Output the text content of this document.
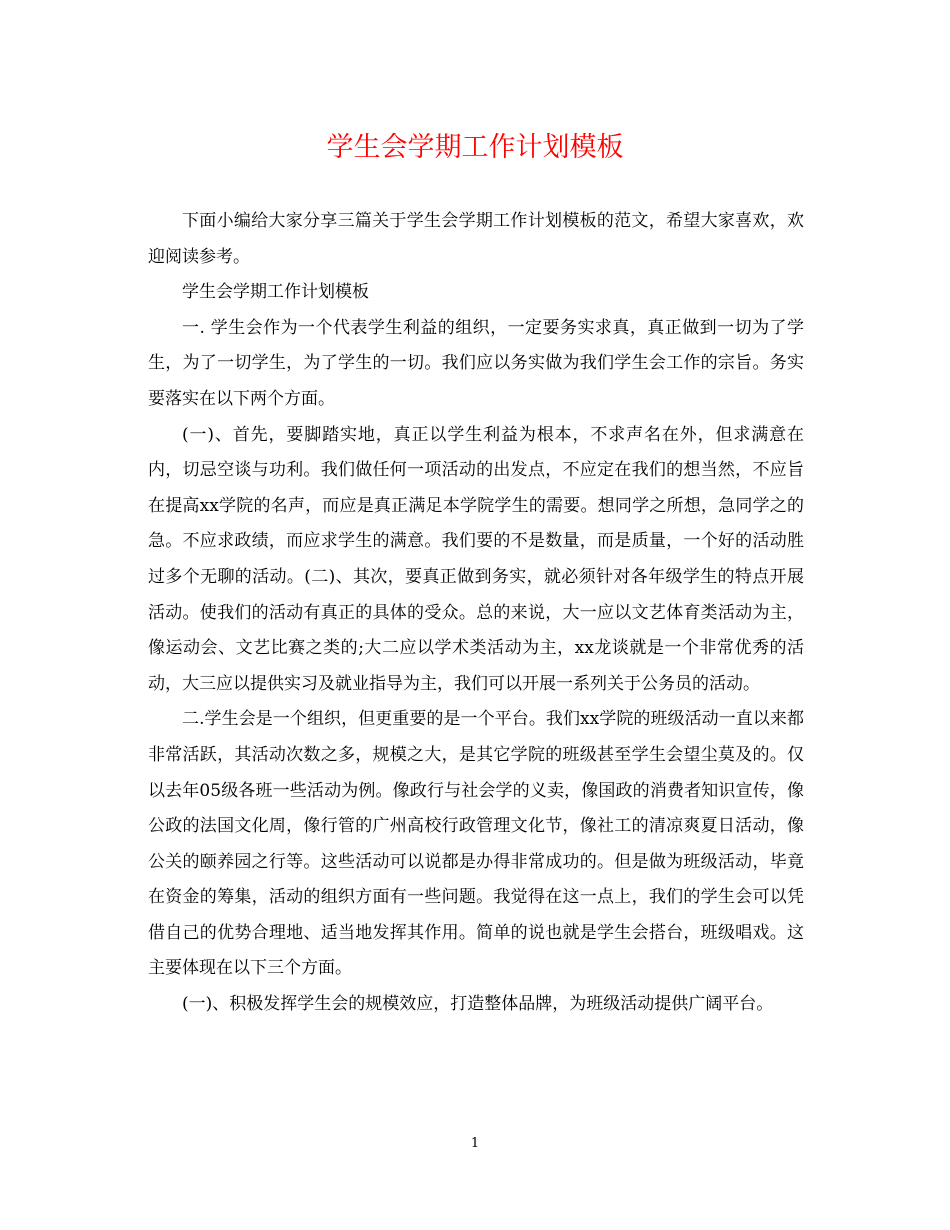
学生会学期工作计划模板

下面小编给大家分享三篇关于学生会学期工作计划模板的范文，希望大家喜欢，欢迎阅读参考。

学生会学期工作计划模板

一. 学生会作为一个代表学生利益的组织，一定要务实求真，真正做到一切为了学生，为了一切学生，为了学生的一切。我们应以务实做为我们学生会工作的宗旨。务实要落实在以下两个方面。

(一)、首先，要脚踏实地，真正以学生利益为根本，不求声名在外，但求满意在内，切忌空谈与功利。我们做任何一项活动的出发点，不应定在我们的想当然，不应旨在提高xx学院的名声，而应是真正满足本学院学生的需要。想同学之所想，急同学之的急。不应求政绩，而应求学生的满意。我们要的不是数量，而是质量，一个好的活动胜过多个无聊的活动。(二)、其次，要真正做到务实，就必须针对各年级学生的特点开展活动。使我们的活动有真正的具体的受众。总的来说，大一应以文艺体育类活动为主，像运动会、文艺比赛之类的;大二应以学术类活动为主，xx龙谈就是一个非常优秀的活动，大三应以提供实习及就业指导为主，我们可以开展一系列关于公务员的活动。

二.学生会是一个组织，但更重要的是一个平台。我们xx学院的班级活动一直以来都非常活跃，其活动次数之多，规模之大，是其它学院的班级甚至学生会望尘莫及的。仅以去年05级各班一些活动为例。像政行与社会学的义卖，像国政的消费者知识宣传，像公政的法国文化周，像行管的广州高校行政管理文化节，像社工的清凉爽夏日活动，像公关的颐养园之行等。这些活动可以说都是办得非常成功的。但是做为班级活动，毕竟在资金的筹集，活动的组织方面有一些问题。我觉得在这一点上，我们的学生会可以凭借自己的优势合理地、适当地发挥其作用。简单的说也就是学生会搭台，班级唱戏。这主要体现在以下三个方面。

(一)、积极发挥学生会的规模效应，打造整体品牌，为班级活动提供广阔平台。

1
